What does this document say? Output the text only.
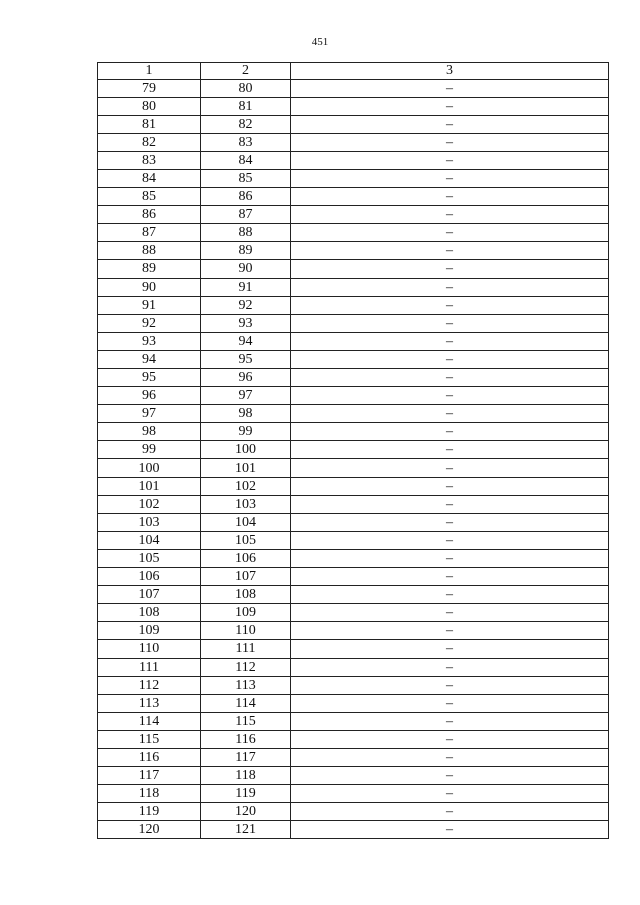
451
1	2	3
79	80	–
80	81	–
81	82	–
82	83	–
83	84	–
84	85	–
85	86	–
86	87	–
87	88	–
88	89	–
89	90	–
90	91	–
91	92	–
92	93	–
93	94	–
94	95	–
95	96	–
96	97	–
97	98	–
98	99	–
99	100	–
100	101	–
101	102	–
102	103	–
103	104	–
104	105	–
105	106	–
106	107	–
107	108	–
108	109	–
109	110	–
110	111	–
111	112	–
112	113	–
113	114	–
114	115	–
115	116	–
116	117	–
117	118	–
118	119	–
119	120	–
120	121	–
